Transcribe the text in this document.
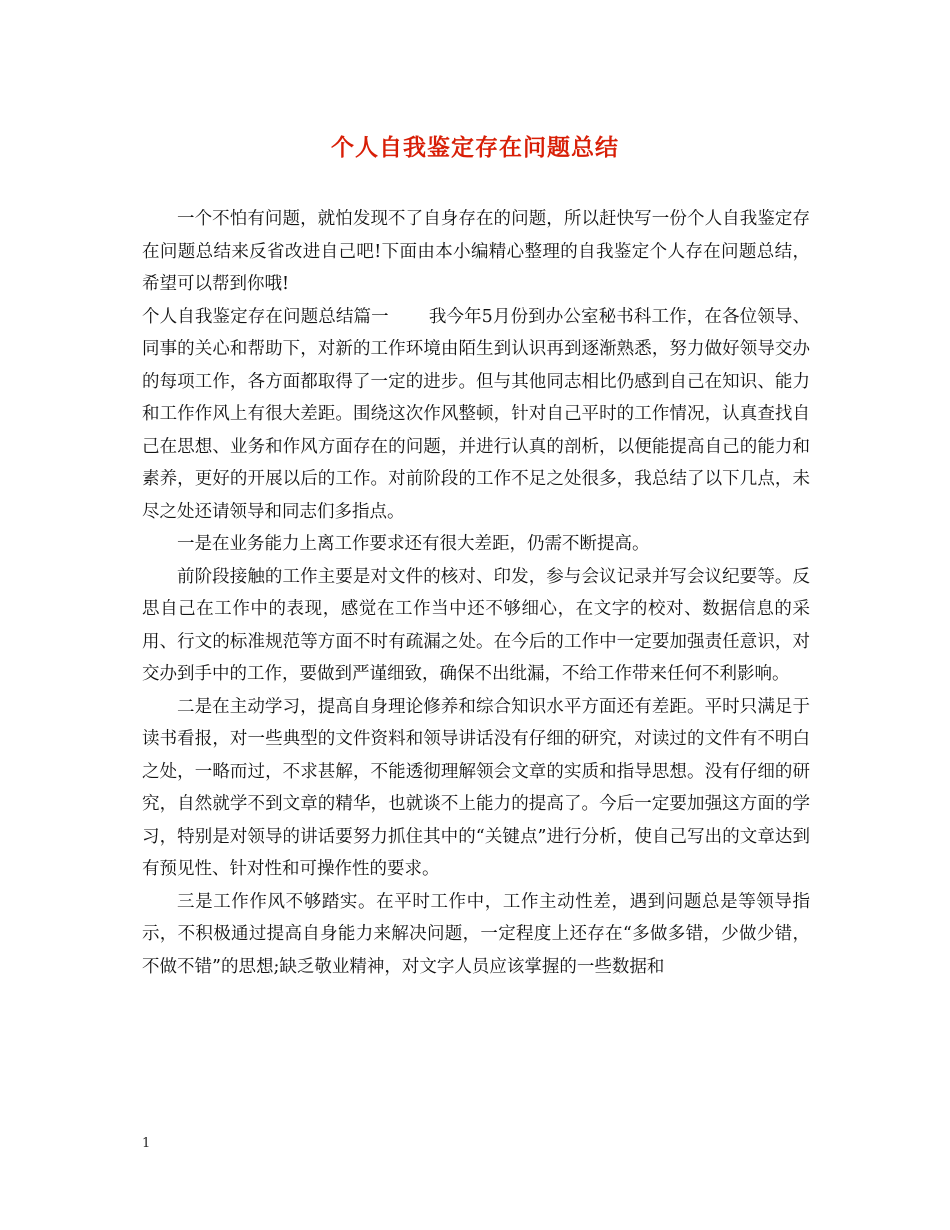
个人自我鉴定存在问题总结

一个不怕有问题，就怕发现不了自身存在的问题，所以赶快写一份个人自我鉴定存在问题总结来反省改进自己吧!下面由本小编精心整理的自我鉴定个人存在问题总结，希望可以帮到你哦!

个人自我鉴定存在问题总结篇一 我今年5月份到办公室秘书科工作，在各位领导、同事的关心和帮助下，对新的工作环境由陌生到认识再到逐渐熟悉，努力做好领导交办的每项工作，各方面都取得了一定的进步。但与其他同志相比仍感到自己在知识、能力和工作作风上有很大差距。围绕这次作风整顿，针对自己平时的工作情况，认真查找自己在思想、业务和作风方面存在的问题，并进行认真的剖析，以便能提高自己的能力和素养，更好的开展以后的工作。对前阶段的工作不足之处很多，我总结了以下几点，未尽之处还请领导和同志们多指点。

一是在业务能力上离工作要求还有很大差距，仍需不断提高。

前阶段接触的工作主要是对文件的核对、印发，参与会议记录并写会议纪要等。反思自己在工作中的表现，感觉在工作当中还不够细心，在文字的校对、数据信息的采用、行文的标准规范等方面不时有疏漏之处。在今后的工作中一定要加强责任意识，对交办到手中的工作，要做到严谨细致，确保不出纰漏，不给工作带来任何不利影响。

二是在主动学习，提高自身理论修养和综合知识水平方面还有差距。平时只满足于读书看报，对一些典型的文件资料和领导讲话没有仔细的研究，对读过的文件有不明白之处，一略而过，不求甚解，不能透彻理解领会文章的实质和指导思想。没有仔细的研究，自然就学不到文章的精华，也就谈不上能力的提高了。今后一定要加强这方面的学习，特别是对领导的讲话要努力抓住其中的“关键点”进行分析，使自己写出的文章达到有预见性、针对性和可操作性的要求。

三是工作作风不够踏实。在平时工作中，工作主动性差，遇到问题总是等领导指示，不积极通过提高自身能力来解决问题，一定程度上还存在“多做多错，少做少错，不做不错”的思想;缺乏敬业精神，对文字人员应该掌握的一些数据和

1
